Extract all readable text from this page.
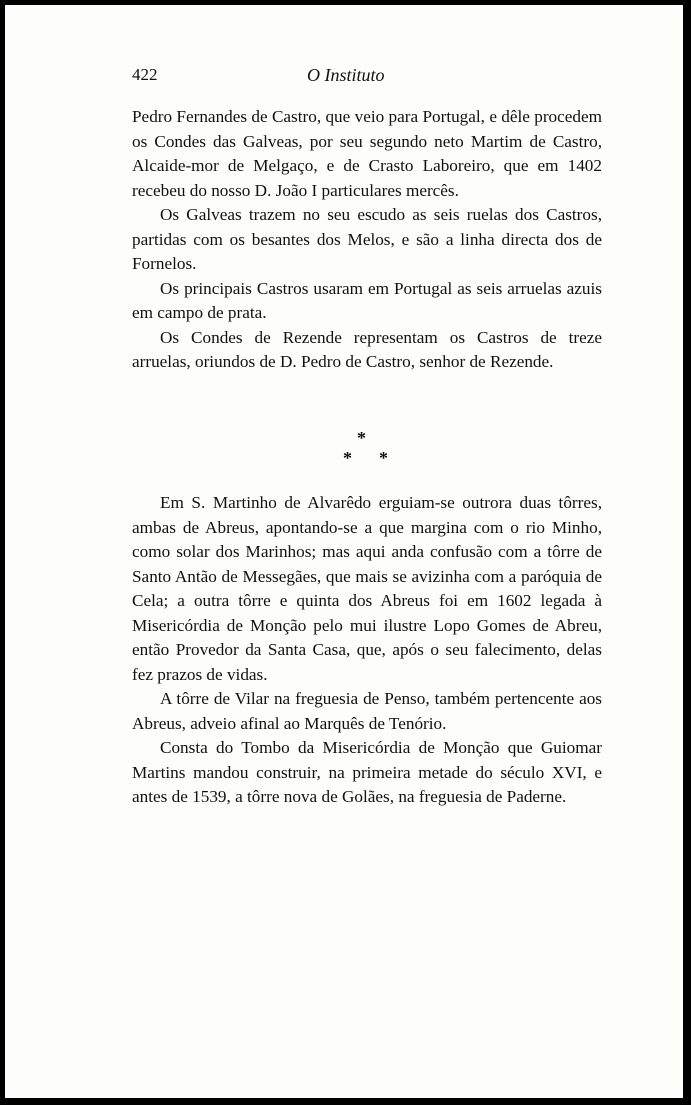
422	O Instituto

Pedro Fernandes de Castro, que veio para Portugal, e dêle procedem os Condes das Galveas, por seu segundo neto Martim de Castro, Alcaide-mor de Melgaço, e de Crasto Laboreiro, que em 1402 recebeu do nosso D. João I particulares mercês.

Os Galveas trazem no seu escudo as seis ruelas dos Castros, partidas com os besantes dos Melos, e são a linha directa dos de Fornelos.

Os principais Castros usaram em Portugal as seis arruelas azuis em campo de prata.

Os Condes de Rezende representam os Castros de treze arruelas, oriundos de D. Pedro de Castro, senhor de Rezende.

*
* *

Em S. Martinho de Alvarêdo erguiam-se outrora duas tôrres, ambas de Abreus, apontando-se a que margina com o rio Minho, como solar dos Marinhos; mas aqui anda confusão com a tôrre de Santo Antão de Messegães, que mais se avizinha com a paróquia de Cela; a outra tôrre e quinta dos Abreus foi em 1602 legada à Misericórdia de Monção pelo mui ilustre Lopo Gomes de Abreu, então Provedor da Santa Casa, que, após o seu falecimento, delas fez prazos de vidas.

A tôrre de Vilar na freguesia de Penso, também pertencente aos Abreus, adveio afinal ao Marquês de Tenório.

Consta do Tombo da Misericórdia de Monção que Guiomar Martins mandou construir, na primeira metade do século XVI, e antes de 1539, a tôrre nova de Golães, na freguesia de Paderne.
